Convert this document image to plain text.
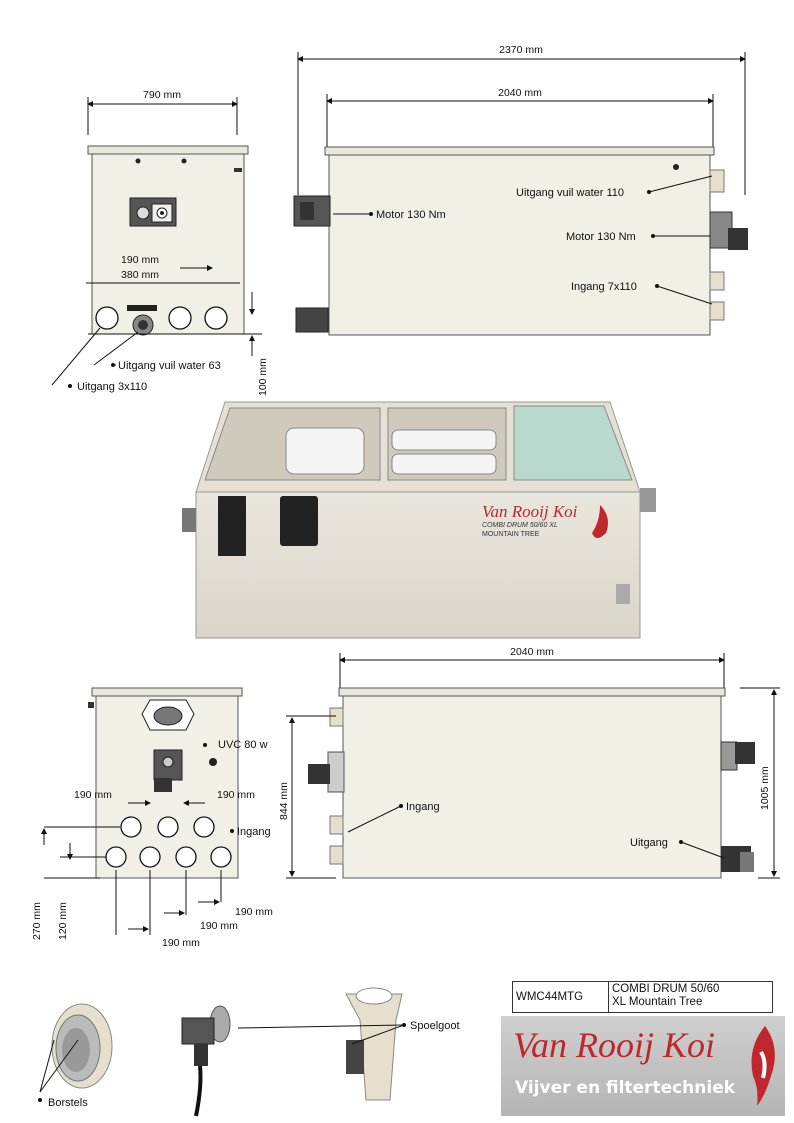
790 mm
190 mm
380 mm
100 mm
Uitgang vuil water 63
Uitgang 3x110
2370 mm
2040 mm
Motor 130 Nm
Uitgang vuil water 110
Motor 130 Nm
Ingang 7x110
Van Rooij Koi
COMBI DRUM 50/60 XL
MOUNTAIN TREE
UVC 80 w
190 mm	190 mm
Ingang
270 mm 120 mm	190 mm
190 mm
190 mm
2040 mm
844 mm	1005 mm
Ingang
Uitgang
Borstels
Spoelgoot
WMC44MTG
COMBI DRUM 50/60
XL Mountain Tree
Van Rooij Koi
Vijver en filtertechniek
